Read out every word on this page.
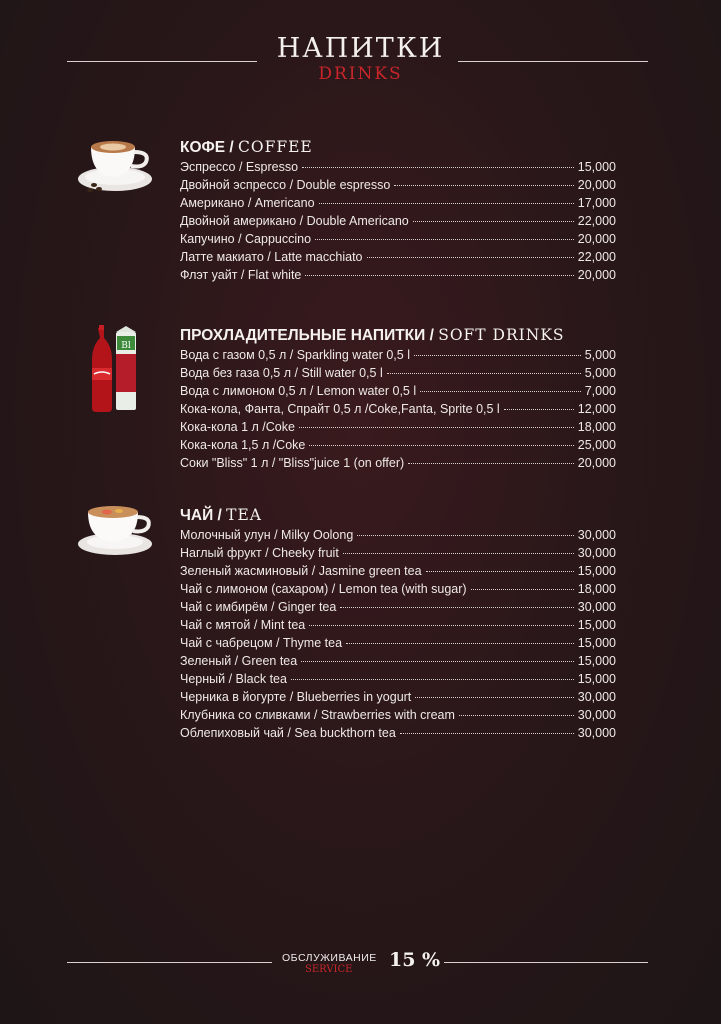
НАПИТКИ
DRINKS
КОФЕ / COFFEE
Эспрессо / Espresso	15,000
Двойной эспрессо / Double espresso	20,000
Американо / Americano	17,000
Двойной американо / Double Americano	22,000
Капучино / Cappuccino	20,000
Латте макиато / Latte macchiato	22,000
Флэт уайт / Flat white	20,000
Bl
ПРОХЛАДИТЕЛЬНЫЕ НАПИТКИ / SOFT DRINKS
Вода с газом 0,5 л / Sparkling water 0,5 l	5,000
Вода без газа 0,5 л / Still water 0,5 l	5,000
Вода с лимоном 0,5 л / Lemon water 0,5 l	7,000
Кока-кола, Фанта, Спрайт 0,5 л /Coke,Fanta, Sprite 0,5 l	12,000
Кока-кола 1 л /Coke	18,000
Кока-кола 1,5 л /Coke	25,000
Соки "Bliss" 1 л / "Bliss"juice 1 (on offer)	20,000
ЧАЙ / TEA
Молочный улун / Milky Oolong	30,000
Наглый фрукт / Cheeky fruit	30,000
Зеленый жасминовый / Jasmine green tea	15,000
Чай с лимоном (сахаром) / Lemon tea (with sugar)	18,000
Чай с имбирём / Ginger tea	30,000
Чай с мятой / Mint tea	15,000
Чай с чабрецом / Thyme tea	15,000
Зеленый / Green tea	15,000
Черный / Black tea	15,000
Черника в йогурте / Blueberries in yogurt	30,000
Клубника со сливками / Strawberries with cream	30,000
Облепиховый чай / Sea buckthorn tea	30,000
ОБСЛУЖИВАНИЕ
SERVICE 15 %
